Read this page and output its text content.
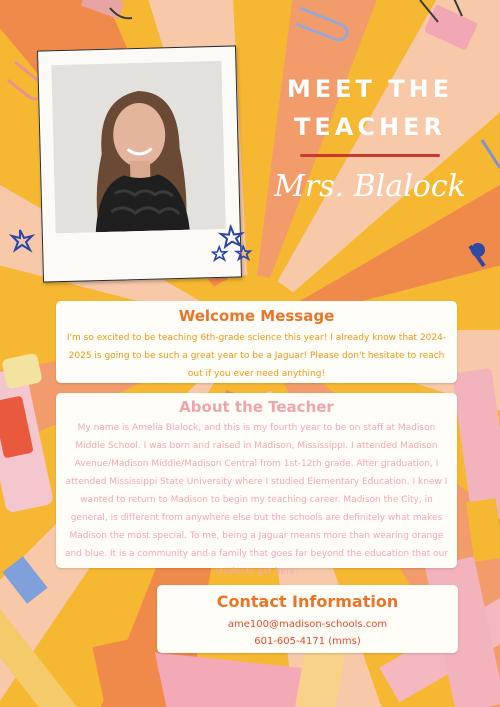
MEET THE TEACHER
Mrs. Blalock
Welcome Message

I'm so excited to be teaching 6th-grade science this year! I already know that 2024-2025 is going to be such a great year to be a Jaguar! Please don't hesitate to reach out if you ever need anything!

About the Teacher

My name is Amelia Blalock, and this is my fourth year to be on staff at Madison Middle School. I was born and raised in Madison, Mississippi. I attended Madison Avenue/Madison Middle/Madison Central from 1st-12th grade. After graduation, I attended Mississippi State University where I studied Elementary Education. I knew I wanted to return to Madison to begin my teaching career. Madison the City, in general, is different from anywhere else but the schools are definitely what makes Madison the most special. To me, being a Jaguar means more than wearing orange and blue. It is a community and a family that goes far beyond the education that our students get here.

Contact Information
ame100@madison-schools.com
601-605-4171 (mms)
